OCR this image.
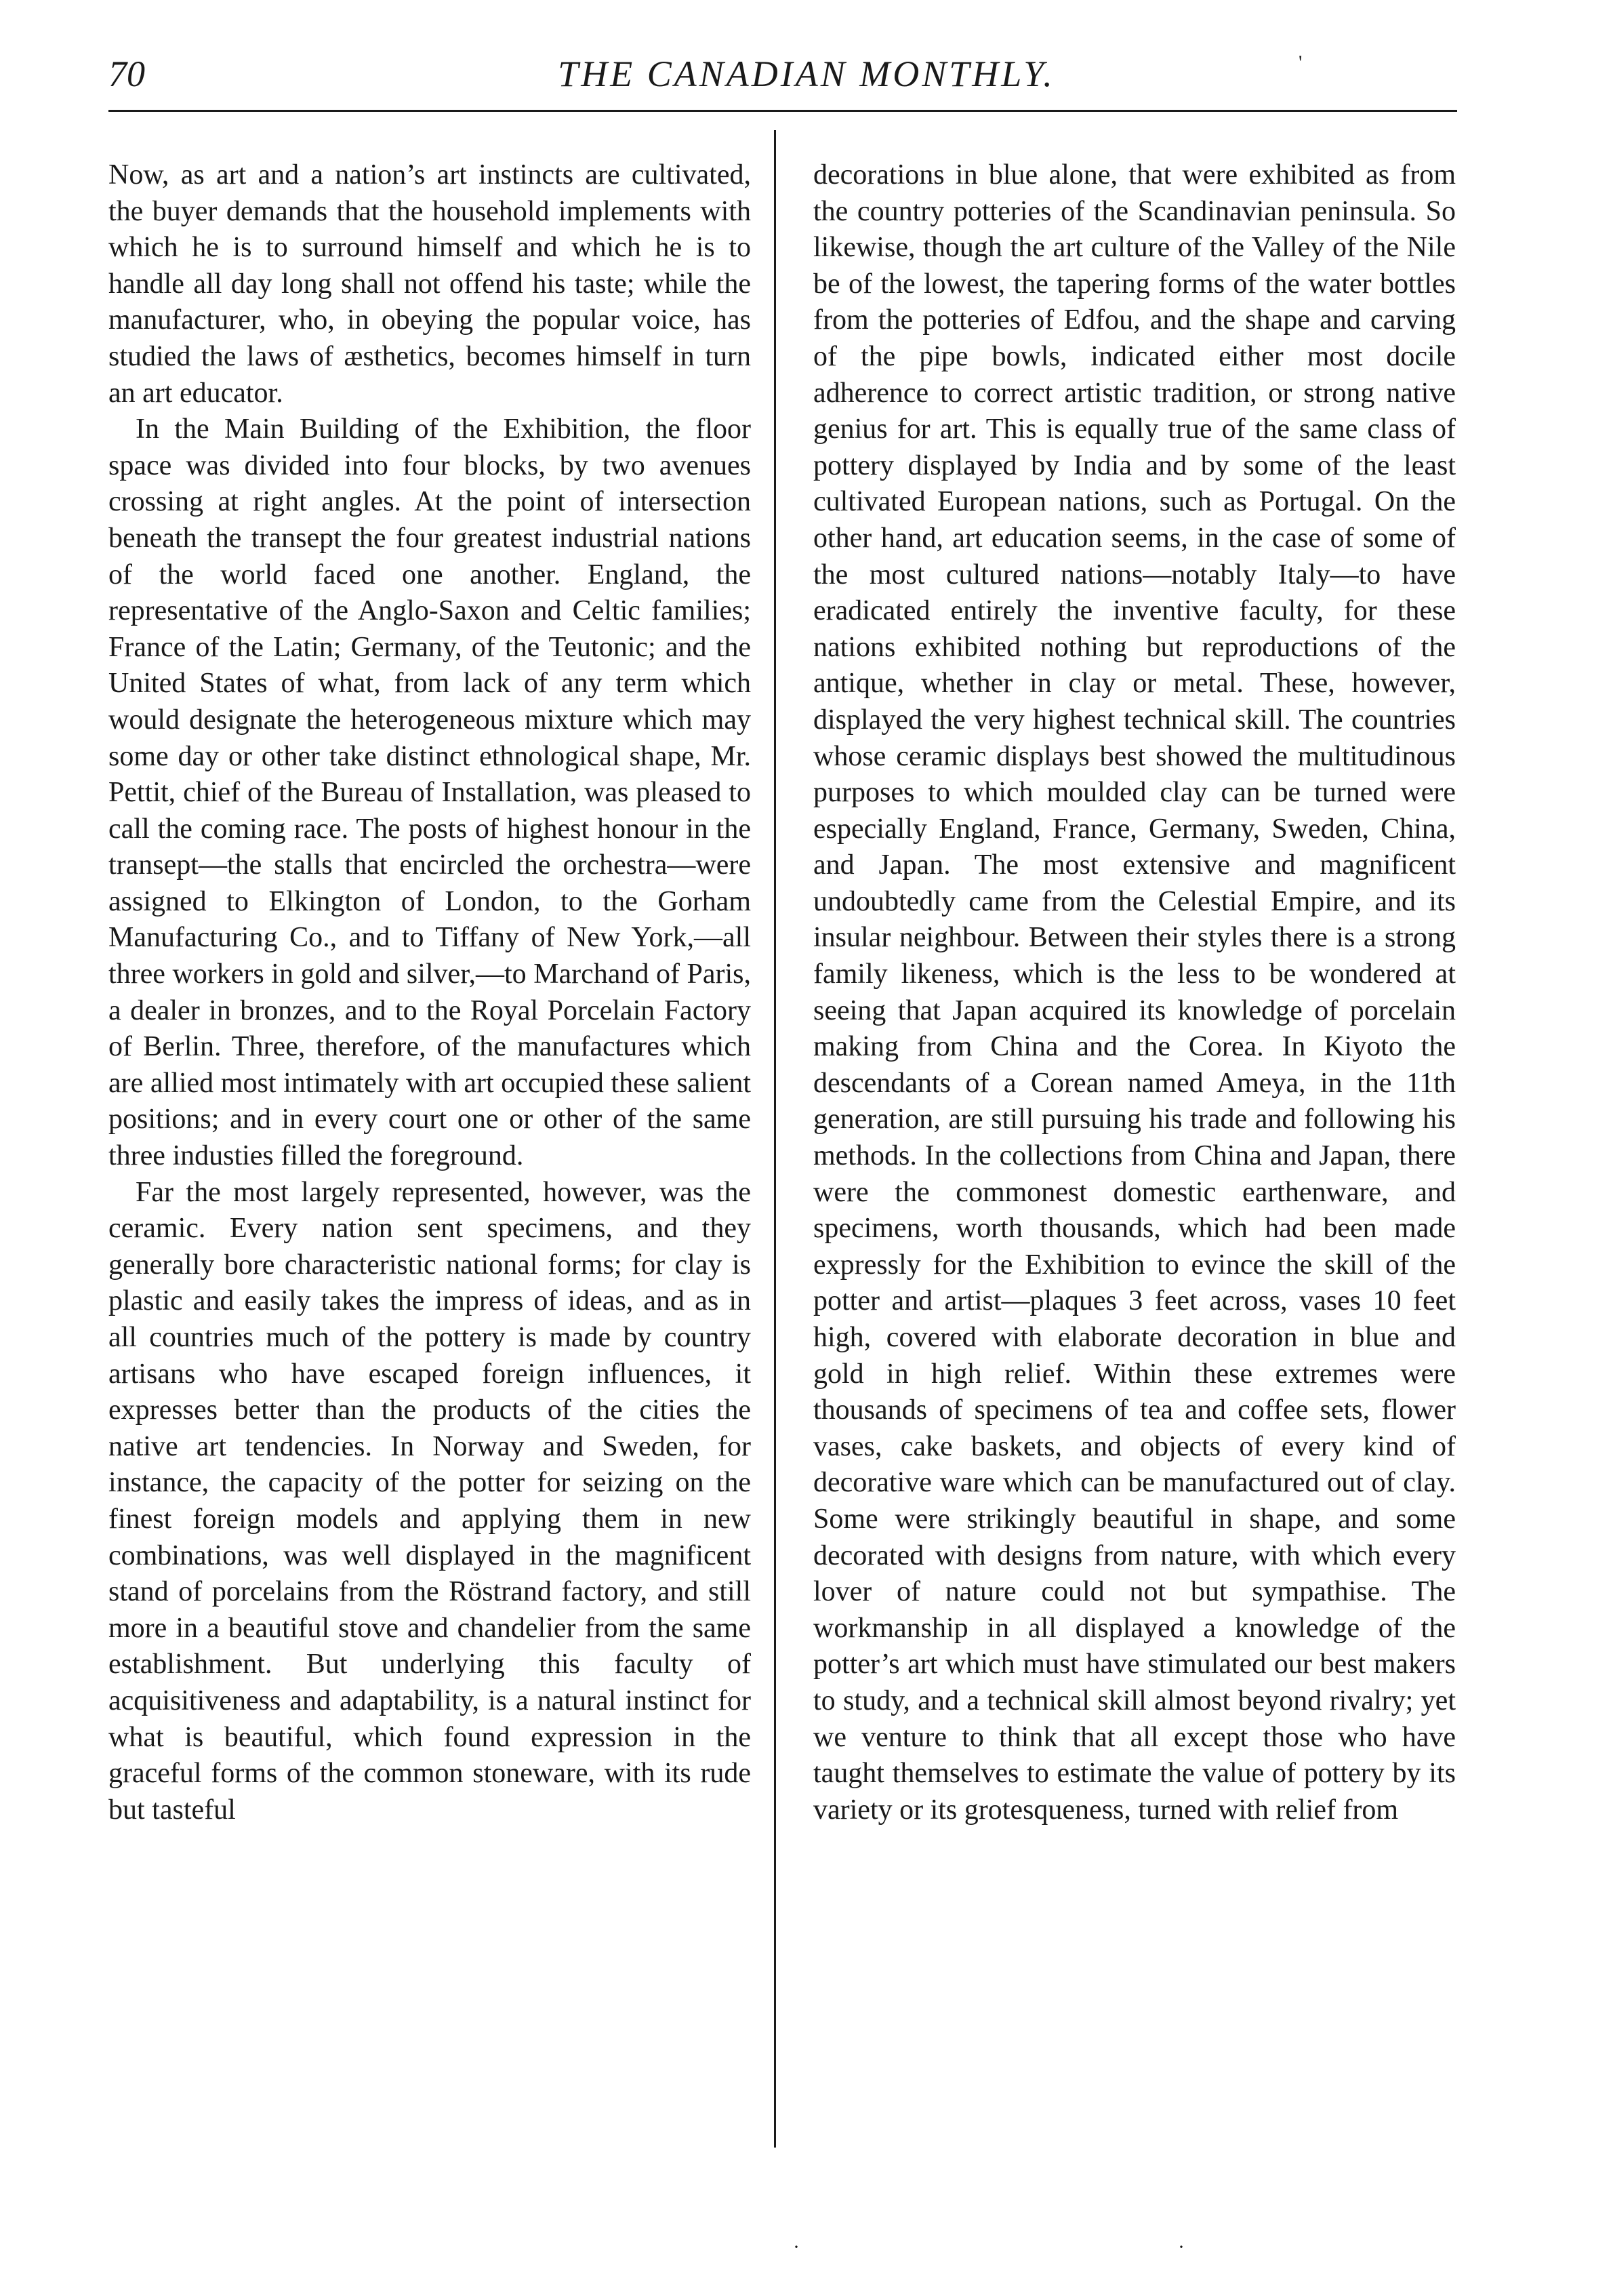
70	THE CANADIAN MONTHLY.

Now, as art and a nation’s art instincts are cultivated, the buyer demands that the household implements with which he is to surround himself and which he is to handle all day long shall not offend his taste; while the manufacturer, who, in obeying the popular voice, has studied the laws of æsthetics, becomes himself in turn an art educator.

In the Main Building of the Exhibition, the floor space was divided into four blocks, by two avenues crossing at right angles. At the point of intersection beneath the transept the four greatest industrial nations of the world faced one another. England, the representative of the Anglo-Saxon and Celtic families; France of the Latin; Germany, of the Teutonic; and the United States of what, from lack of any term which would designate the heterogeneous mixture which may some day or other take distinct ethnological shape, Mr. Pettit, chief of the Bureau of Installation, was pleased to call the coming race. The posts of highest honour in the transept—the stalls that encircled the orchestra—were assigned to Elkington of London, to the Gorham Manufacturing Co., and to Tiffany of New York,—all three workers in gold and silver,—to Marchand of Paris, a dealer in bronzes, and to the Royal Porcelain Factory of Berlin. Three, therefore, of the manufactures which are allied most intimately with art occupied these salient positions; and in every court one or other of the same three industies filled the foreground.

Far the most largely represented, however, was the ceramic. Every nation sent specimens, and they generally bore characteristic national forms; for clay is plastic and easily takes the impress of ideas, and as in all countries much of the pottery is made by country artisans who have escaped foreign influences, it expresses better than the products of the cities the native art tendencies. In Norway and Sweden, for instance, the capacity of the potter for seizing on the finest foreign models and applying them in new combinations, was well displayed in the magnificent stand of porcelains from the Röstrand factory, and still more in a beautiful stove and chandelier from the same establishment. But underlying this faculty of acquisitiveness and adaptability, is a natural instinct for what is beautiful, which found expression in the graceful forms of the common stoneware, with its rude but tasteful

decorations in blue alone, that were exhibited as from the country potteries of the Scandinavian peninsula. So likewise, though the art culture of the Valley of the Nile be of the lowest, the tapering forms of the water bottles from the potteries of Edfou, and the shape and carving of the pipe bowls, indicated either most docile adherence to correct artistic tradition, or strong native genius for art. This is equally true of the same class of pottery displayed by India and by some of the least cultivated European nations, such as Portugal. On the other hand, art education seems, in the case of some of the most cultured nations—notably Italy—to have eradicated entirely the inventive faculty, for these nations exhibited nothing but reproductions of the antique, whether in clay or metal. These, however, displayed the very highest technical skill. The countries whose ceramic displays best showed the multitudinous purposes to which moulded clay can be turned were especially England, France, Germany, Sweden, China, and Japan. The most extensive and magnificent undoubtedly came from the Celestial Empire, and its insular neighbour. Between their styles there is a strong family likeness, which is the less to be wondered at seeing that Japan acquired its knowledge of porcelain making from China and the Corea. In Kiyoto the descendants of a Corean named Ameya, in the 11th generation, are still pursuing his trade and following his methods. In the collections from China and Japan, there were the commonest domestic earthenware, and specimens, worth thousands, which had been made expressly for the Exhibition to evince the skill of the potter and artist—plaques 3 feet across, vases 10 feet high, covered with elaborate decoration in blue and gold in high relief. Within these extremes were thousands of specimens of tea and coffee sets, flower vases, cake baskets, and objects of every kind of decorative ware which can be manufactured out of clay. Some were strikingly beautiful in shape, and some decorated with designs from nature, with which every lover of nature could not but sympathise. The workmanship in all displayed a knowledge of the potter’s art which must have stimulated our best makers to study, and a technical skill almost beyond rivalry; yet we venture to think that all except those who have taught themselves to estimate the value of pottery by its variety or its grotesqueness, turned with relief from

'
·	·
